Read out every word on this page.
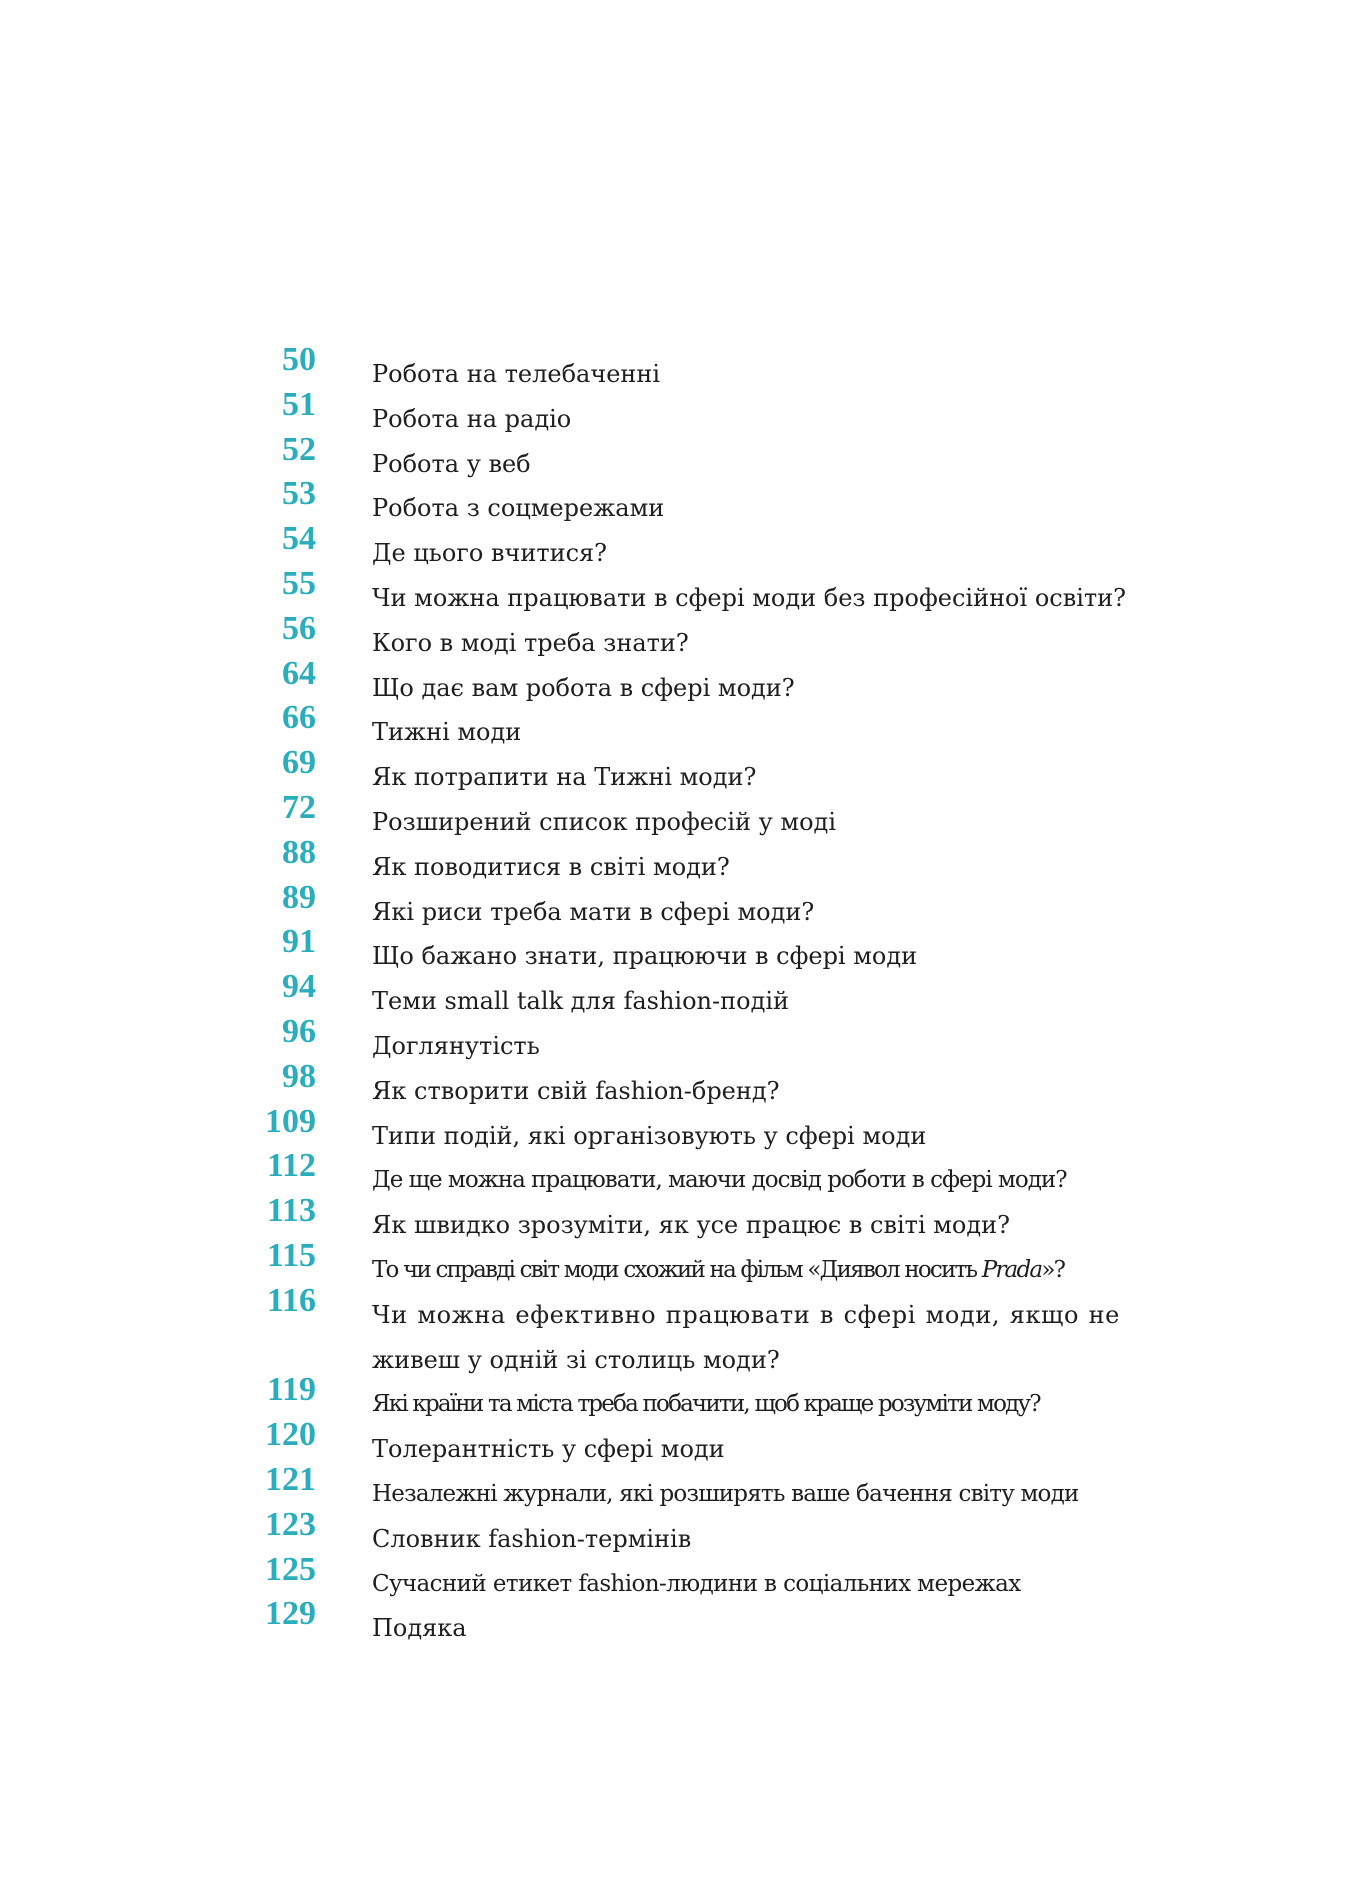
50 Робота на телебаченні
51 Робота на радіо
52 Робота у веб
53 Робота з соцмережами
54 Де цього вчитися?
55 Чи можна працювати в сфері моди без професійної освіти?
56 Кого в моді треба знати?
64 Що дає вам робота в сфері моди?
66 Тижні моди
69 Як потрапити на Тижні моди?
72 Розширений список професій у моді
88 Як поводитися в світі моди?
89 Які риси треба мати в сфері моди?
91 Що бажано знати, працюючи в сфері моди
94 Теми small talk для fashion-подій
96 Доглянутість
98 Як створити свій fashion-бренд?
109 Типи подій, які організовують у сфері моди
112 Де ще можна працювати, маючи досвід роботи в сфері моди?
113 Як швидко зрозуміти, як усе працює в світі моди?
115 То чи справді світ моди схожий на фільм «Диявол носить Prada»?
116 Чи можна ефективно працювати в сфері моди, якщо не
живеш у одній зі столиць моди?
119 Які країни та міста треба побачити, щоб краще розуміти моду?
120 Толерантність у сфері моди
121 Незалежні журнали, які розширять ваше бачення світу моди
123 Словник fashion-термінів
125 Сучасний етикет fashion-людини в соціальних мережах
129 Подяка
